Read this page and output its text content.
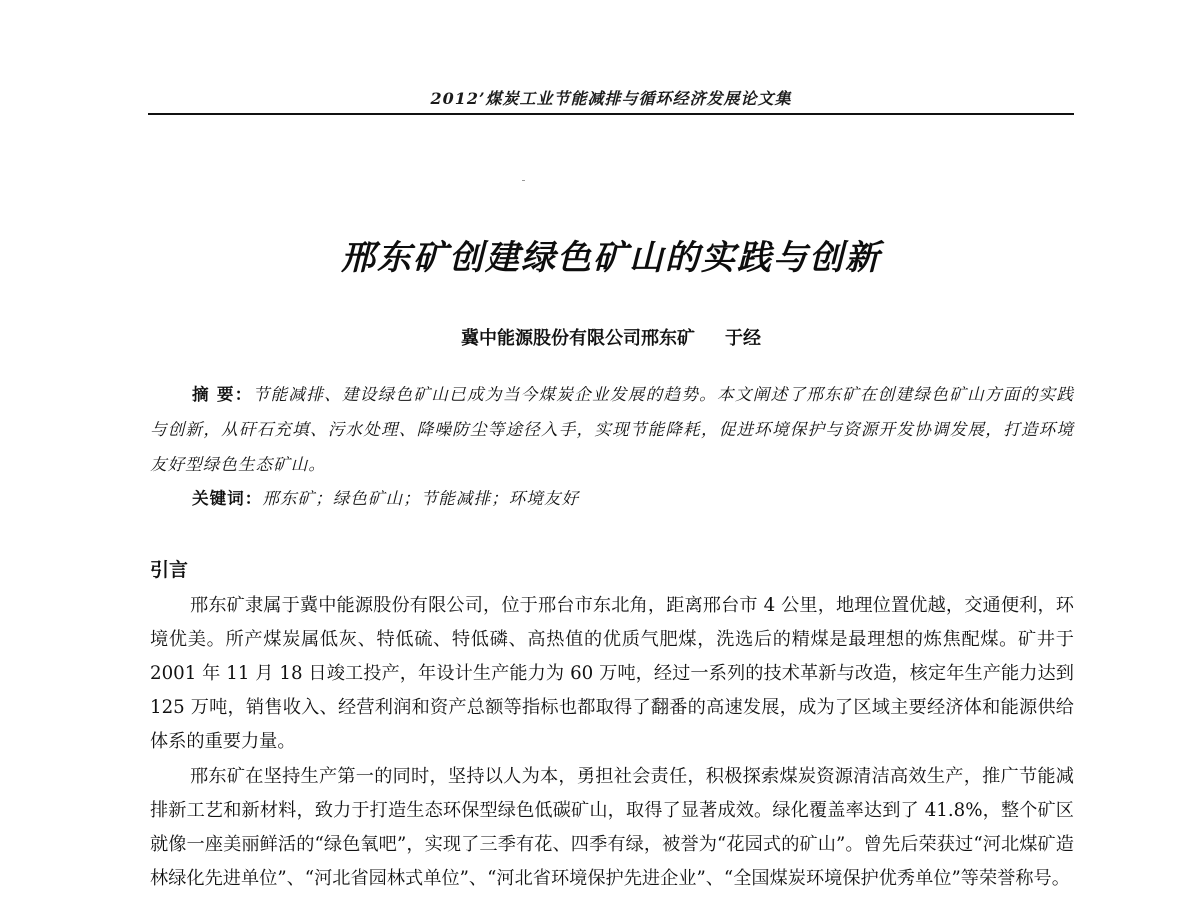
2012’煤炭工业节能减排与循环经济发展论文集
邢东矿创建绿色矿山的实践与创新
冀中能源股份有限公司邢东矿 于经
摘 要：节能减排、建设绿色矿山已成为当今煤炭企业发展的趋势。本文阐述了邢东矿在创建绿色矿山方面的实践与创新，从矸石充填、污水处理、降噪防尘等途径入手，实现节能降耗，促进环境保护与资源开发协调发展，打造环境友好型绿色生态矿山。
关键词：邢东矿；绿色矿山；节能减排；环境友好
引言
邢东矿隶属于冀中能源股份有限公司，位于邢台市东北角，距离邢台市 4 公里，地理位置优越，交通便利，环境优美。所产煤炭属低灰、特低硫、特低磷、高热值的优质气肥煤，洗选后的精煤是最理想的炼焦配煤。矿井于 2001 年 11 月 18 日竣工投产，年设计生产能力为 60 万吨，经过一系列的技术革新与改造，核定年生产能力达到 125 万吨，销售收入、经营利润和资产总额等指标也都取得了翻番的高速发展，成为了区域主要经济体和能源供给体系的重要力量。
邢东矿在坚持生产第一的同时，坚持以人为本，勇担社会责任，积极探索煤炭资源清洁高效生产，推广节能减排新工艺和新材料，致力于打造生态环保型绿色低碳矿山，取得了显著成效。绿化覆盖率达到了 41.8%，整个矿区就像一座美丽鲜活的“绿色氧吧”，实现了三季有花、四季有绿，被誉为“花园式的矿山”。曾先后荣获过“河北煤矿造林绿化先进单位”、“河北省园林式单位”、“河北省环境保护先进企业”、“全国煤炭环境保护优秀单位”等荣誉称号。
